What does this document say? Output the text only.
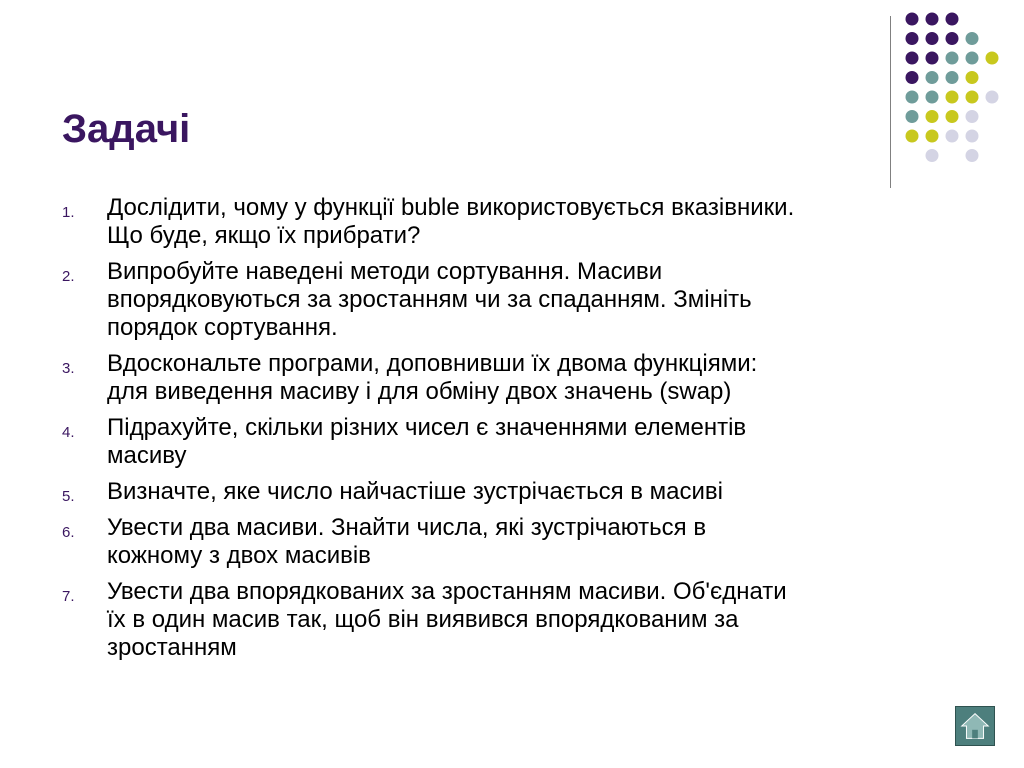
Задачі
1. Дослідити, чому у функції buble використовується вказівники.
Що буде, якщо їх прибрати?
2. Випробуйте наведені методи сортування. Масиви
впорядковуються за зростанням чи за спаданням. Змініть
порядок сортування.
3. Вдоскональте програми, доповнивши їх двома функціями:
для виведення масиву і для обміну двох значень (swap)
4. Підрахуйте, скільки різних чисел є значеннями елементів
масиву
5. Визначте, яке число найчастіше зустрічається в масиві
6. Увести два масиви. Знайти числа, які зустрічаються в
кожному з двох масивів
7. Увести два впорядкованих за зростанням масиви. Об'єднати
їх в один масив так, щоб він виявився впорядкованим за
зростанням
